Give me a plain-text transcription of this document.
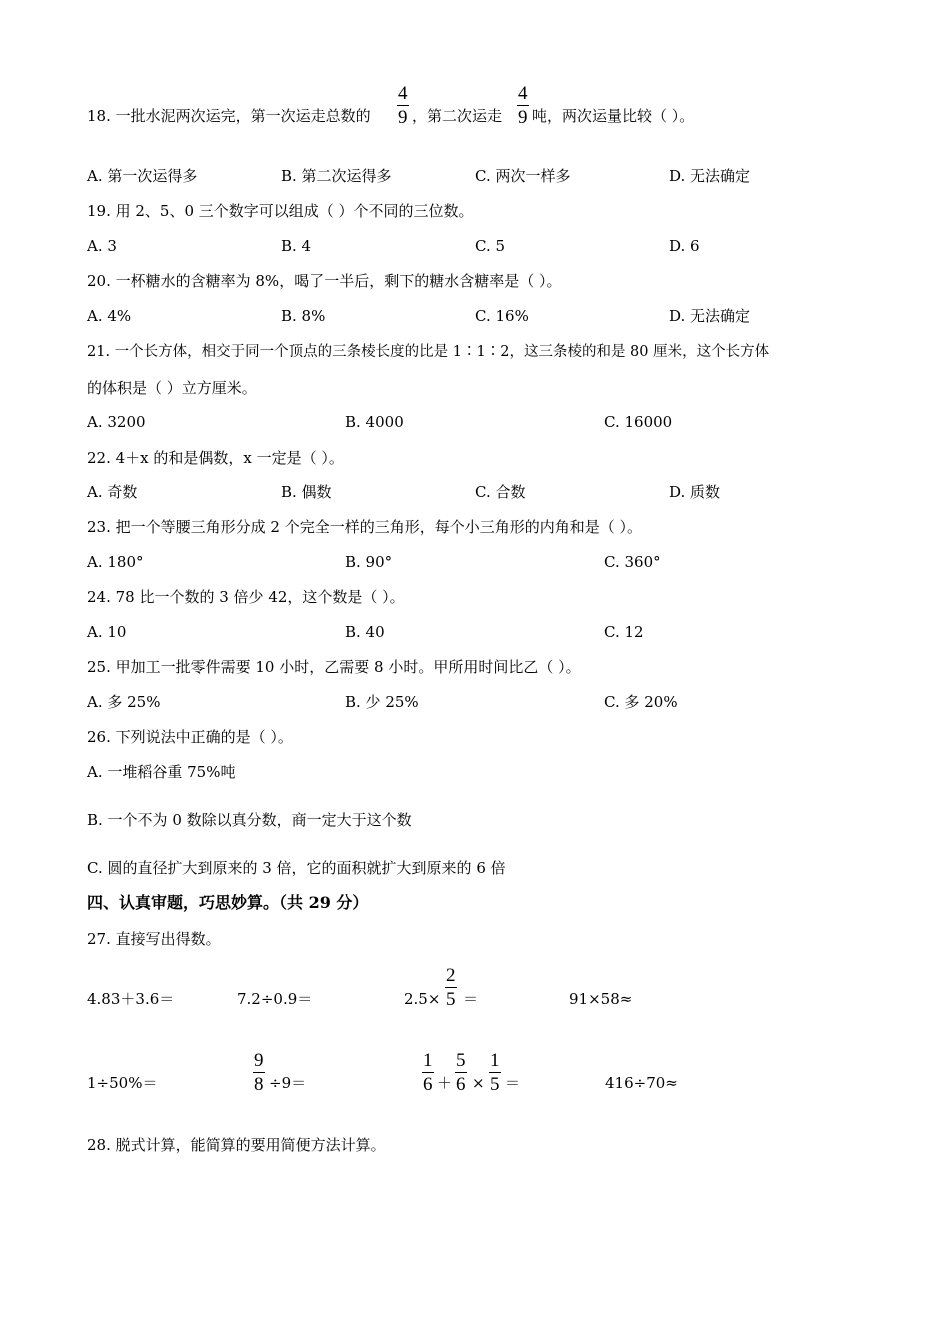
18. 一批水泥两次运完，第一次运走总数的 $\frac{4}{9}$ ，第二次运走 $\frac{4}{9}$ 吨，两次运量比较（ ）。
A. 第一次运得多	B. 第二次运得多	C. 两次一样多	D. 无法确定
19. 用 2、5、0 三个数字可以组成（ ）个不同的三位数。
A. 3	B. 4	C. 5	D. 6
20. 一杯糖水的含糖率为 8%，喝了一半后，剩下的糖水含糖率是（ ）。
A. 4%	B. 8%	C. 16%	D. 无法确定
21. 一个长方体，相交于同一个顶点的三条棱长度的比是 1∶1∶2，这三条棱的和是 80 厘米，这个长方体
的体积是（ ）立方厘米。
A. 3200	B. 4000	C. 16000
22. 4＋x 的和是偶数，x 一定是（ ）。
A. 奇数	B. 偶数	C. 合数	D. 质数
23. 把一个等腰三角形分成 2 个完全一样的三角形，每个小三角形的内角和是（ ）。
A. 180°	B. 90°	C. 360°
24. 78 比一个数的 3 倍少 42，这个数是（ ）。
A. 10	B. 40	C. 12
25. 甲加工一批零件需要 10 小时，乙需要 8 小时。甲所用时间比乙（ ）。
A. 多 25%	B. 少 25%	C. 多 20%
26. 下列说法中正确的是（ ）。
A. 一堆稻谷重 75%吨
B. 一个不为 0 数除以真分数，商一定大于这个数
C. 圆的直径扩大到原来的 3 倍，它的面积就扩大到原来的 6 倍
四、认真审题，巧思妙算。（共 29 分）
27. 直接写出得数。
4.83＋3.6＝	7.2÷0.9＝	$2.5\times \frac{2}{5}$ ＝	91×58≈
1÷50%＝	$\frac{9}{8} \div 9=$	$\frac{1}{6} + \frac{5}{6} \times \frac{1}{5}$ ＝	416÷70≈
28. 脱式计算，能简算的要用简便方法计算。
